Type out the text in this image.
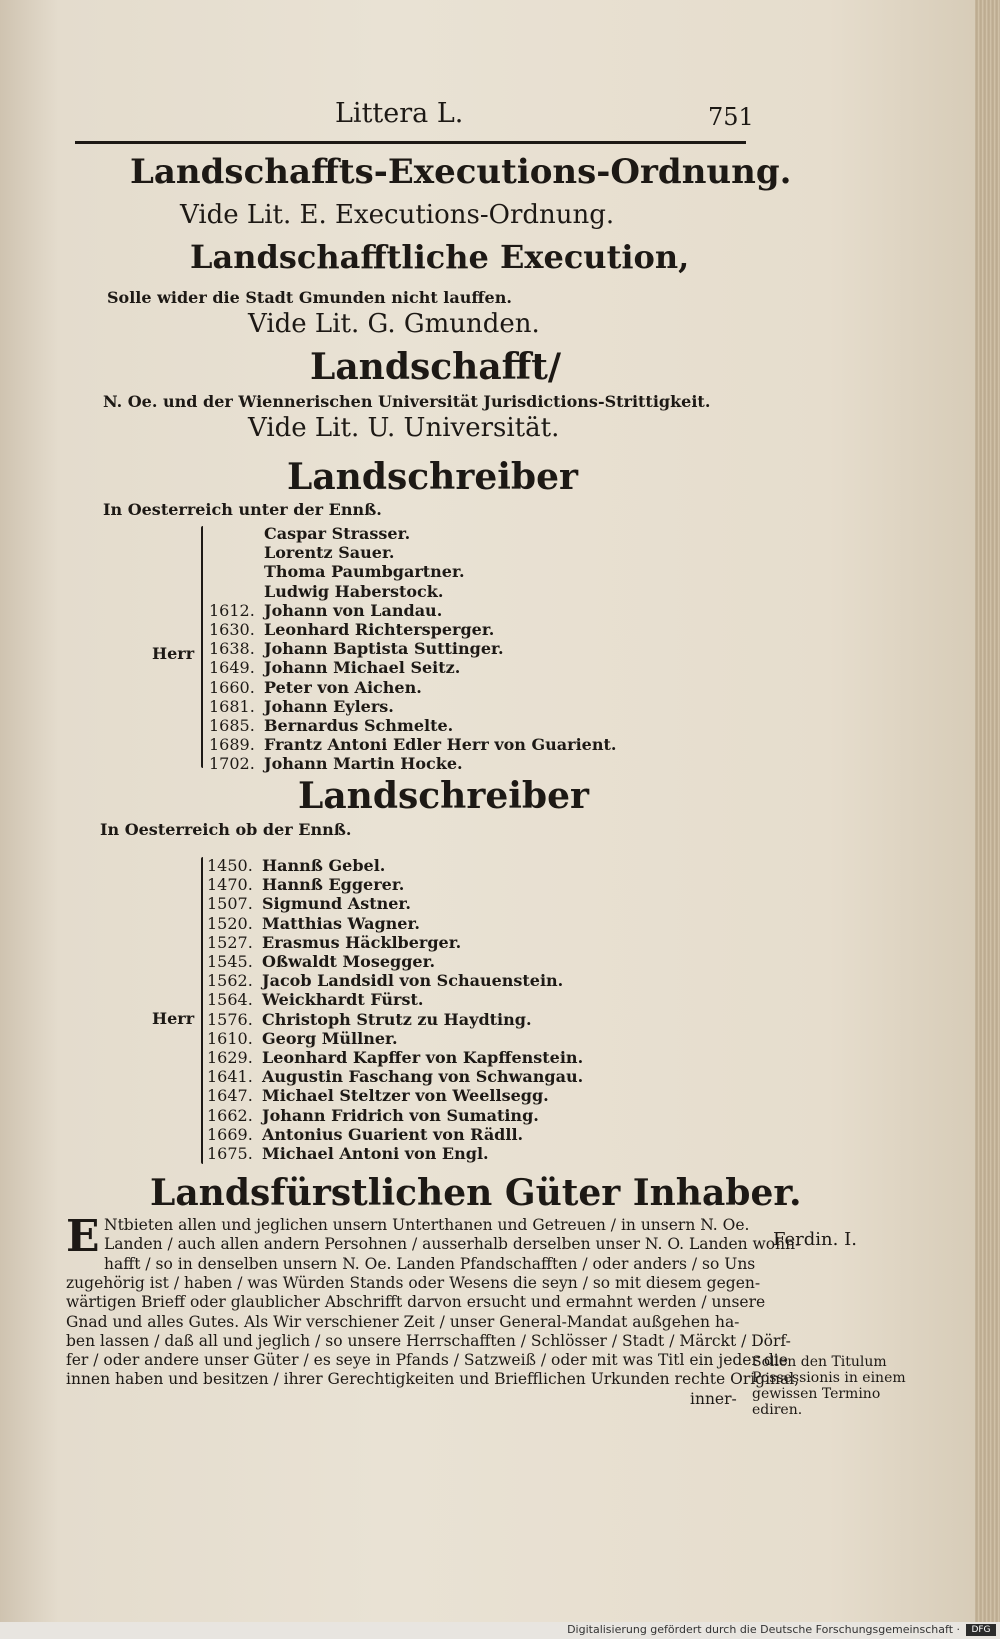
Littera L.	751
Landschaffts-Executions-Ordnung.
Vide Lit. E. Executions-Ordnung.
Landschafftliche Execution,
Solle wider die Stadt Gmunden nicht lauffen.
Vide Lit. G. Gmunden.
Landschafft/
N. Oe. und der Wiennerischen Universität Jurisdictions-Strittigkeit.
Vide Lit. U. Universität.
Landschreiber
In Oesterreich unter der Ennß.
Herr
Caspar Strasser.
Lorentz Sauer.
Thoma Paumbgartner.
Ludwig Haberstock.
1612. Johann von Landau.
1630. Leonhard Richtersperger.
1638. Johann Baptista Suttinger.
1649. Johann Michael Seitz.
1660. Peter von Aichen.
1681. Johann Eylers.
1685. Bernardus Schmelte.
1689. Frantz Antoni Edler Herr von Guarient.
1702. Johann Martin Hocke.
Landschreiber
In Oesterreich ob der Ennß.
Herr
1450. Hannß Gebel.
1470. Hannß Eggerer.
1507. Sigmund Astner.
1520. Matthias Wagner.
1527. Erasmus Häcklberger.
1545. Oßwaldt Mosegger.
1562. Jacob Landsidl von Schauenstein.
1564. Weickhardt Fürst.
1576. Christoph Strutz zu Haydting.
1610. Georg Müllner.
1629. Leonhard Kapffer von Kapffenstein.
1641. Augustin Faschang von Schwangau.
1647. Michael Steltzer von Weellsegg.
1662. Johann Fridrich von Sumating.
1669. Antonius Guarient von Rädll.
1675. Michael Antoni von Engl.
Landsfürstlichen Güter Inhaber.
E Ntbieten allen und jeglichen unsern Unterthanen und Getreuen / in unsern N. Oe.
Landen / auch allen andern Persohnen / ausserhalb derselben unser N. O. Landen wohn-
hafft / so in denselben unsern N. Oe. Landen Pfandschafften / oder anders / so Uns
zugehörig ist / haben / was Würden Stands oder Wesens die seyn / so mit diesem gegen-
wärtigen Brieff oder glaublicher Abschrifft darvon ersucht und ermahnt werden / unsere
Gnad und alles Gutes. Als Wir verschiener Zeit / unser General-Mandat außgehen ha-
ben lassen / daß all und jeglich / so unsere Herrschafften / Schlösser / Stadt / Märckt / Dörf-
fer / oder andere unser Güter / es seye in Pfands / Satzweiß / oder mit was Titl ein jeder die
innen haben und besitzen / ihrer Gerechtigkeiten und Briefflichen Urkunden rechte Original,
inner-
Ferdin. I.
Sollen den Titulum
Possessionis in einem
gewissen Termino
ediren.
Digitalisierung gefördert durch die Deutsche Forschungsgemeinschaft ·	DFG
